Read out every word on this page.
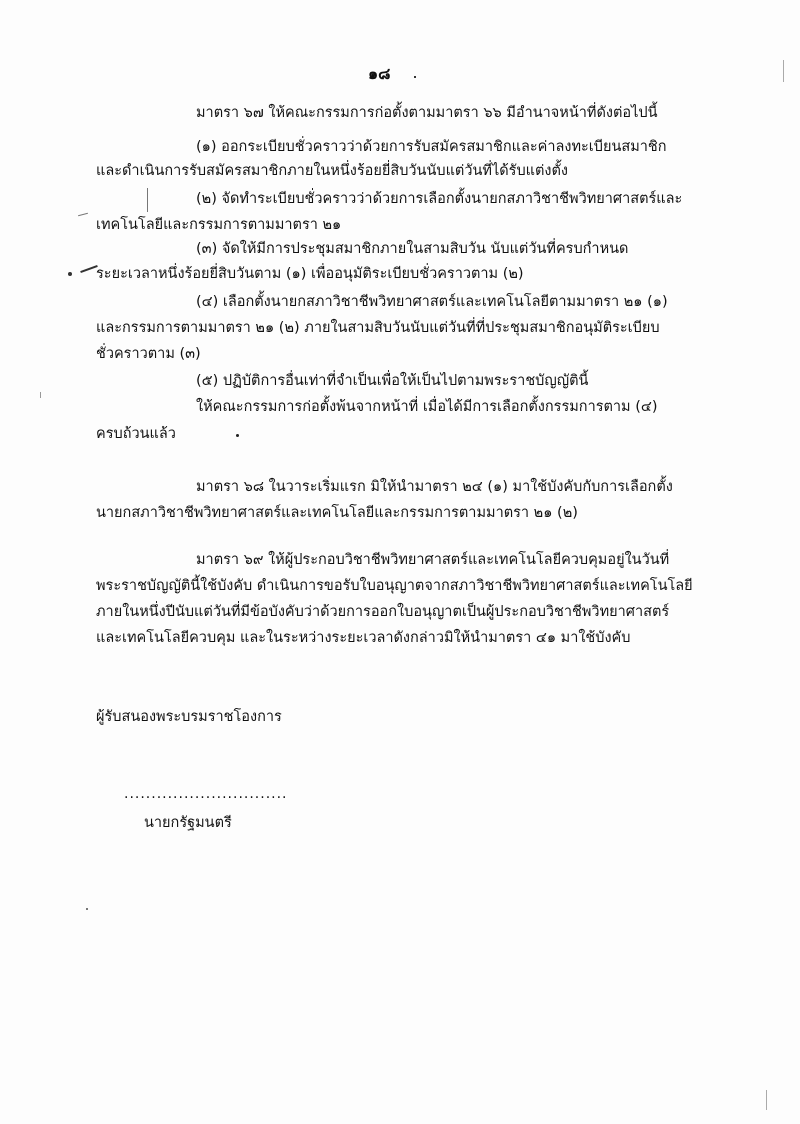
๑๘
มาตรา ๖๗ ให้คณะกรรมการก่อตั้งตามมาตรา ๖๖ มีอำนาจหน้าที่ดังต่อไปนี้
(๑) ออกระเบียบชั่วคราวว่าด้วยการรับสมัครสมาชิกและค่าลงทะเบียนสมาชิก
และดำเนินการรับสมัครสมาชิกภายในหนึ่งร้อยยี่สิบวันนับแต่วันที่ได้รับแต่งตั้ง
(๒) จัดทำระเบียบชั่วคราวว่าด้วยการเลือกตั้งนายกสภาวิชาชีพวิทยาศาสตร์และ
เทคโนโลยีและกรรมการตามมาตรา ๒๑
(๓) จัดให้มีการประชุมสมาชิกภายในสามสิบวัน นับแต่วันที่ครบกำหนด
ระยะเวลาหนึ่งร้อยยี่สิบวันตาม (๑) เพื่ออนุมัติระเบียบชั่วคราวตาม (๒)
(๔) เลือกตั้งนายกสภาวิชาชีพวิทยาศาสตร์และเทคโนโลยีตามมาตรา ๒๑ (๑)
และกรรมการตามมาตรา ๒๑ (๒) ภายในสามสิบวันนับแต่วันที่ที่ประชุมสมาชิกอนุมัติระเบียบ
ชั่วคราวตาม (๓)
(๕) ปฏิบัติการอื่นเท่าที่จำเป็นเพื่อให้เป็นไปตามพระราชบัญญัตินี้
ให้คณะกรรมการก่อตั้งพ้นจากหน้าที่ เมื่อได้มีการเลือกตั้งกรรมการตาม (๔)
ครบถ้วนแล้ว
มาตรา ๖๘ ในวาระเริ่มแรก มิให้นำมาตรา ๒๔ (๑) มาใช้บังคับกับการเลือกตั้ง
นายกสภาวิชาชีพวิทยาศาสตร์และเทคโนโลยีและกรรมการตามมาตรา ๒๑ (๒)
มาตรา ๖๙ ให้ผู้ประกอบวิชาชีพวิทยาศาสตร์และเทคโนโลยีควบคุมอยู่ในวันที่
พระราชบัญญัตินี้ใช้บังคับ ดำเนินการขอรับใบอนุญาตจากสภาวิชาชีพวิทยาศาสตร์และเทคโนโลยี
ภายในหนึ่งปีนับแต่วันที่มีข้อบังคับว่าด้วยการออกใบอนุญาตเป็นผู้ประกอบวิชาชีพวิทยาศาสตร์
และเทคโนโลยีควบคุม และในระหว่างระยะเวลาดังกล่าวมิให้นำมาตรา ๔๑ มาใช้บังคับ
ผู้รับสนองพระบรมราชโองการ
..............................
นายกรัฐมนตรี
